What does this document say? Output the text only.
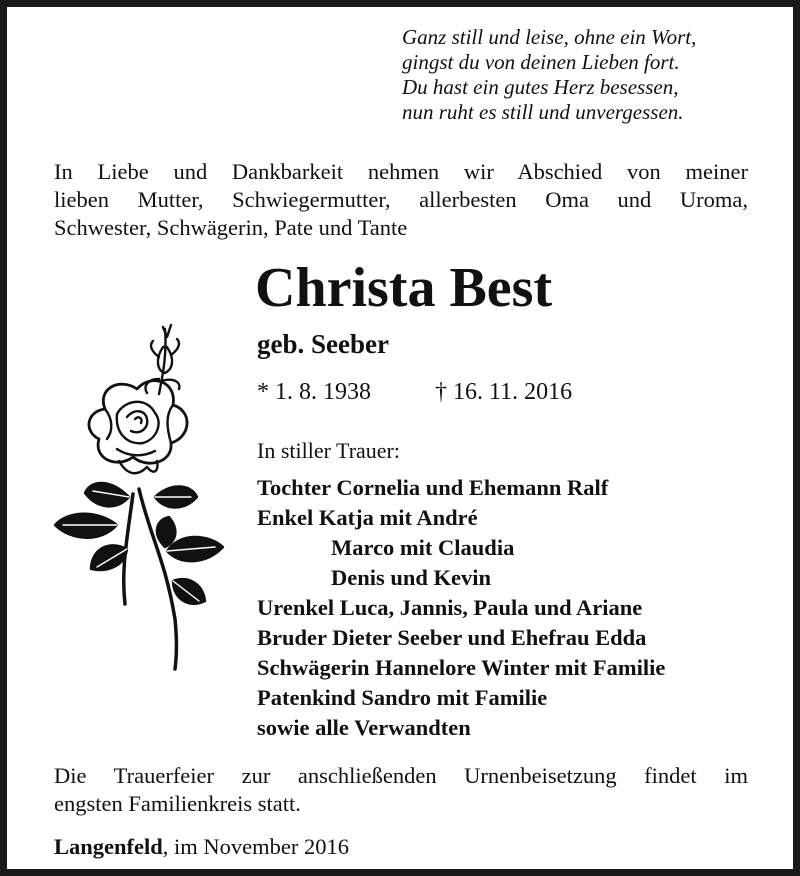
Ganz still und leise, ohne ein Wort,
gingst du von deinen Lieben fort.
Du hast ein gutes Herz besessen,
nun ruht es still und unvergessen.
In Liebe und Dankbarkeit nehmen wir Abschied von meiner
lieben Mutter, Schwiegermutter, allerbesten Oma und Uroma,
Schwester, Schwägerin, Pate und Tante
Christa Best
geb. Seeber
* 1. 8. 1938	† 16. 11. 2016
In stiller Trauer:
Tochter Cornelia und Ehemann Ralf
Enkel Katja mit André
Marco mit Claudia
Denis und Kevin
Urenkel Luca, Jannis, Paula und Ariane
Bruder Dieter Seeber und Ehefrau Edda
Schwägerin Hannelore Winter mit Familie
Patenkind Sandro mit Familie
sowie alle Verwandten
Die Trauerfeier zur anschließenden Urnenbeisetzung findet im
engsten Familienkreis statt.
Langenfeld, im November 2016
